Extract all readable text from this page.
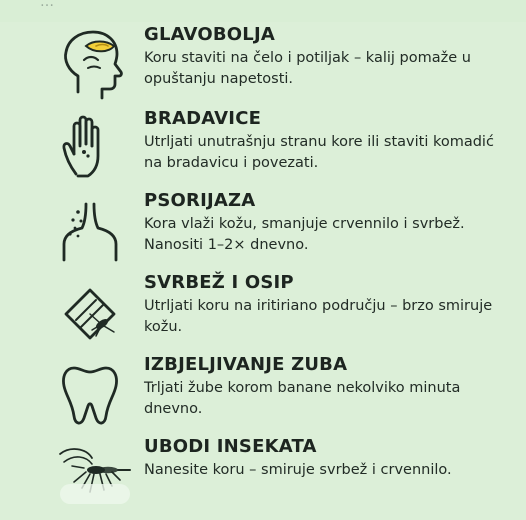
…
GLAVOBOLJA
Koru staviti na čelo i potiljak – kalij pomaže u opuštanju napetosti.
BRADAVICE
Utrljati unutrašnju stranu kore ili staviti komadić na bradavicu i povezati.
PSORIJAZA
Kora vlaži kožu, smanjuje crvennilo i svrbež. Nanositi 1–2× dnevno.
SVRBEŽ I OSIP
Utrljati koru na iritiriano području – brzo smiruje kožu.
IZBJELJIVANJE ZUBA
Trljati žube korom banane nekolviko minuta dnevno.
UBODI INSEKATA
Nanesite koru – smiruje svrbež i crvennilo.
